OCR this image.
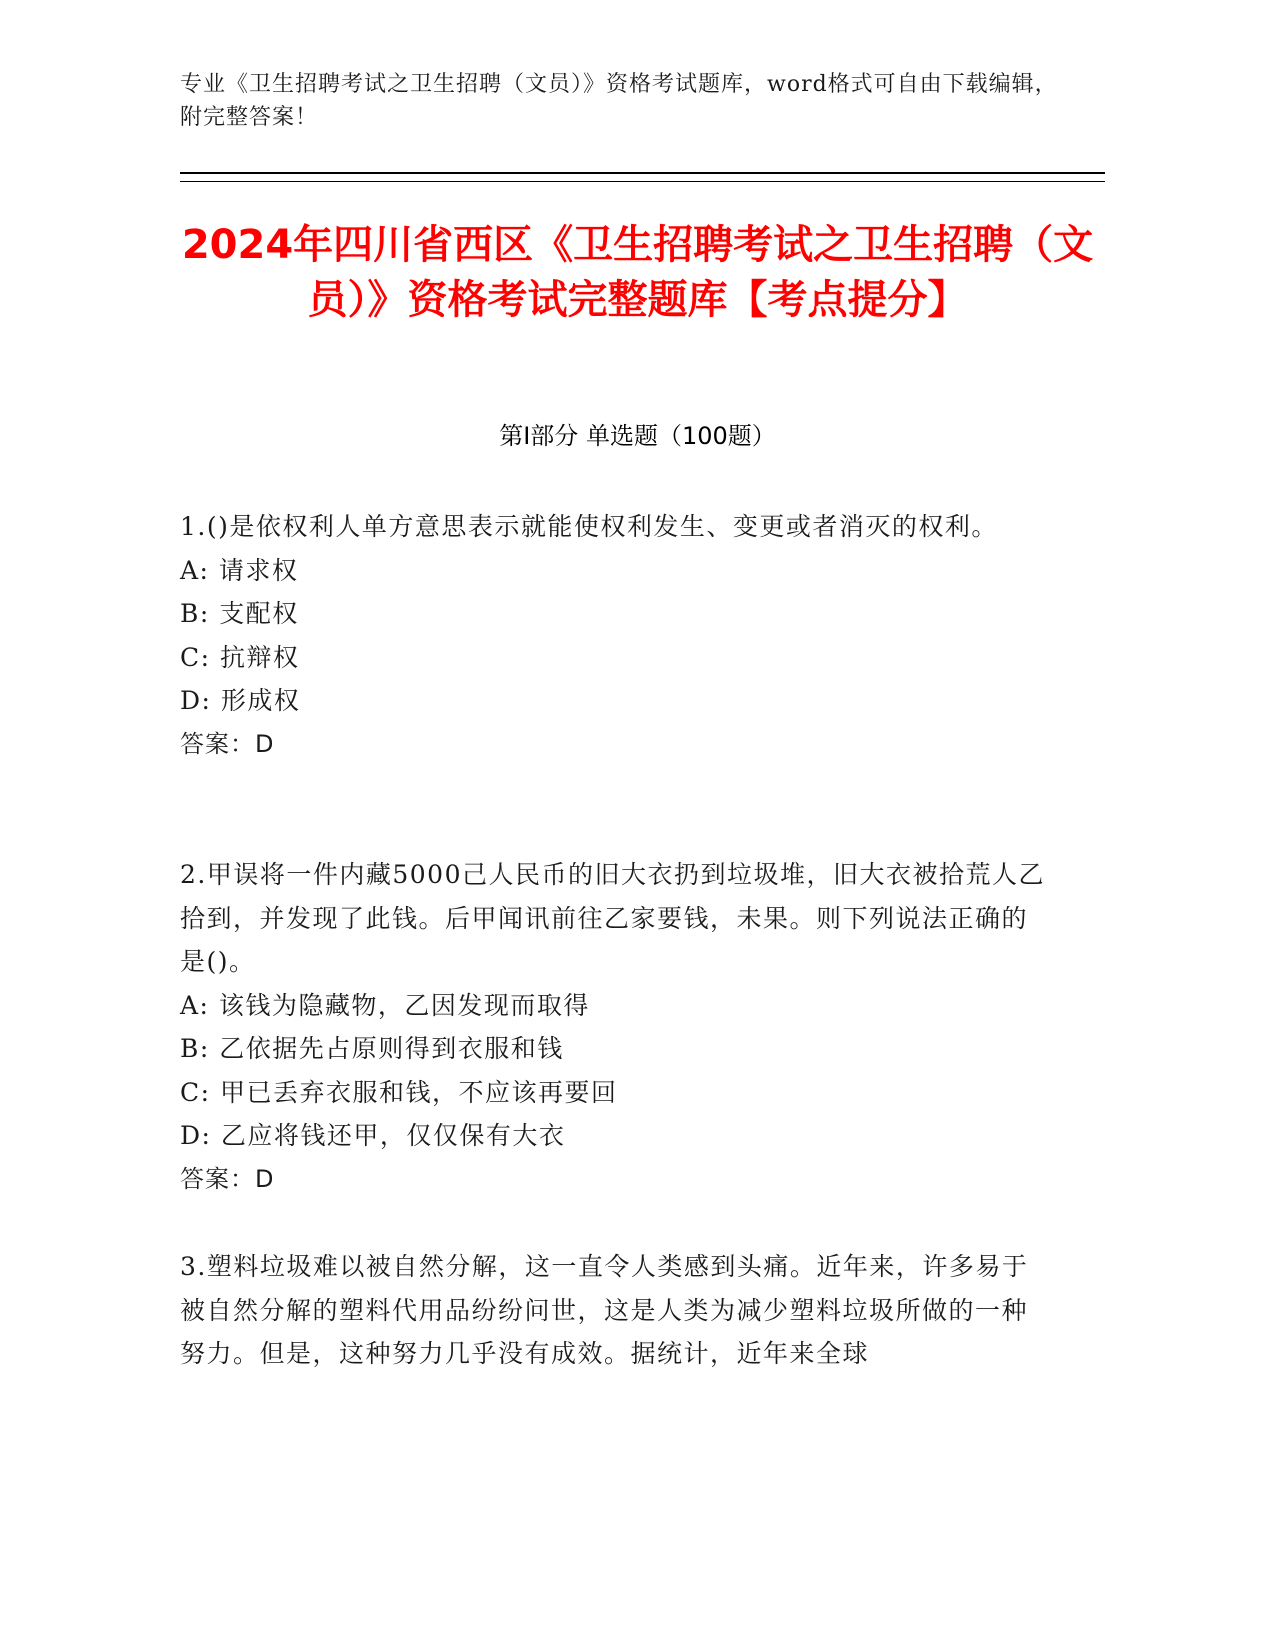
专业《卫生招聘考试之卫生招聘（文员）》资格考试题库，word格式可自由下载编辑，附完整答案！
2024年四川省西区《卫生招聘考试之卫生招聘（文员）》资格考试完整题库【考点提分】
第Ⅰ部分 单选题（100题）

1.()是依权利人单方意思表示就能使权利发生、变更或者消灭的权利。

A: 请求权

B: 支配权

C: 抗辩权

D: 形成权

答案：D

2.甲误将一件内藏5000己人民币的旧大衣扔到垃圾堆，旧大衣被拾荒人乙拾到，并发现了此钱。后甲闻讯前往乙家要钱，未果。则下列说法正确的是()。

A: 该钱为隐藏物，乙因发现而取得

B: 乙依据先占原则得到衣服和钱

C: 甲已丢弃衣服和钱，不应该再要回

D: 乙应将钱还甲，仅仅保有大衣

答案：D

3.塑料垃圾难以被自然分解，这一直令人类感到头痛。近年来，许多易于被自然分解的塑料代用品纷纷问世，这是人类为减少塑料垃圾所做的一种努力。但是，这种努力几乎没有成效。据统计，近年来全球
